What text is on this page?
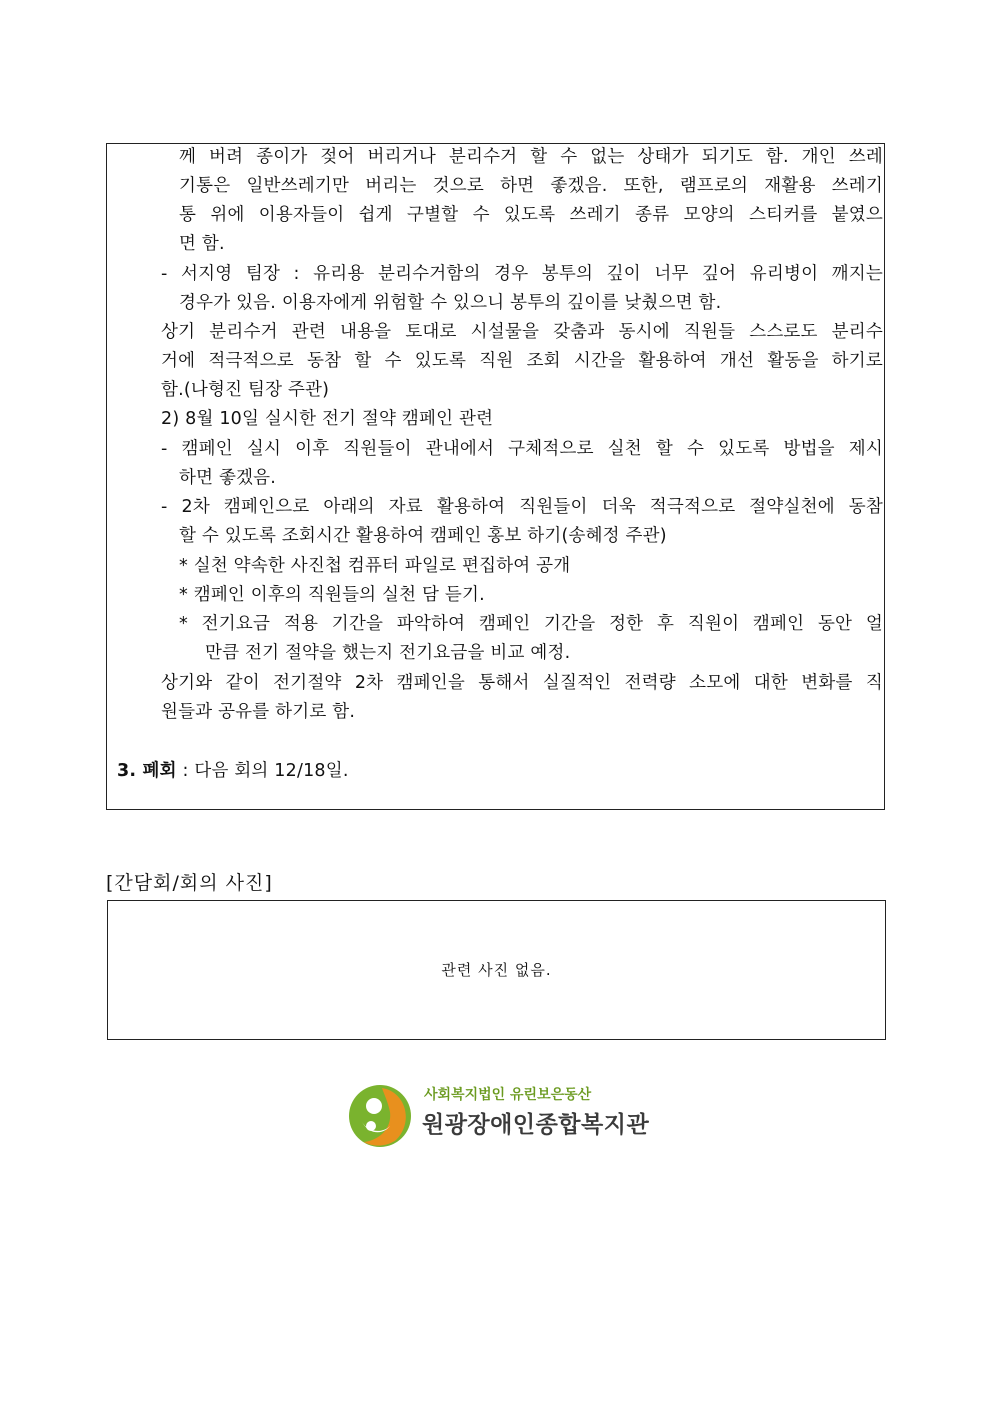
께 버려 종이가 젖어 버리거나 분리수거 할 수 없는 상태가 되기도 함. 개인 쓰레
기통은 일반쓰레기만 버리는 것으로 하면 좋겠음. 또한, 램프로의 재활용 쓰레기
통 위에 이용자들이 쉽게 구별할 수 있도록 쓰레기 종류 모양의 스티커를 붙였으
면 함.
- 서지영 팀장 : 유리용 분리수거함의 경우 봉투의 깊이 너무 깊어 유리병이 깨지는
경우가 있음. 이용자에게 위험할 수 있으니 봉투의 깊이를 낮췄으면 함.
상기 분리수거 관련 내용을 토대로 시설물을 갖춤과 동시에 직원들 스스로도 분리수
거에 적극적으로 동참 할 수 있도록 직원 조회 시간을 활용하여 개선 활동을 하기로
함.(나형진 팀장 주관)
2) 8월 10일 실시한 전기 절약 캠페인 관련
- 캠페인 실시 이후 직원들이 관내에서 구체적으로 실천 할 수 있도록 방법을 제시
하면 좋겠음.
- 2차 캠페인으로 아래의 자료 활용하여 직원들이 더욱 적극적으로 절약실천에 동참
할 수 있도록 조회시간 활용하여 캠페인 홍보 하기(송혜정 주관)
* 실천 약속한 사진첩 컴퓨터 파일로 편집하여 공개
* 캠페인 이후의 직원들의 실천 담 듣기.
* 전기요금 적용 기간을 파악하여 캠페인 기간을 정한 후 직원이 캠페인 동안 얼
만큼 전기 절약을 했는지 전기요금을 비교 예정.
상기와 같이 전기절약 2차 캠페인을 통해서 실질적인 전력량 소모에 대한 변화를 직
원들과 공유를 하기로 함.
3. 폐회 : 다음 회의 12/18일.
[간담회/회의 사진]
관련 사진 없음.
사회복지법인 유린보은동산
원광장애인종합복지관
